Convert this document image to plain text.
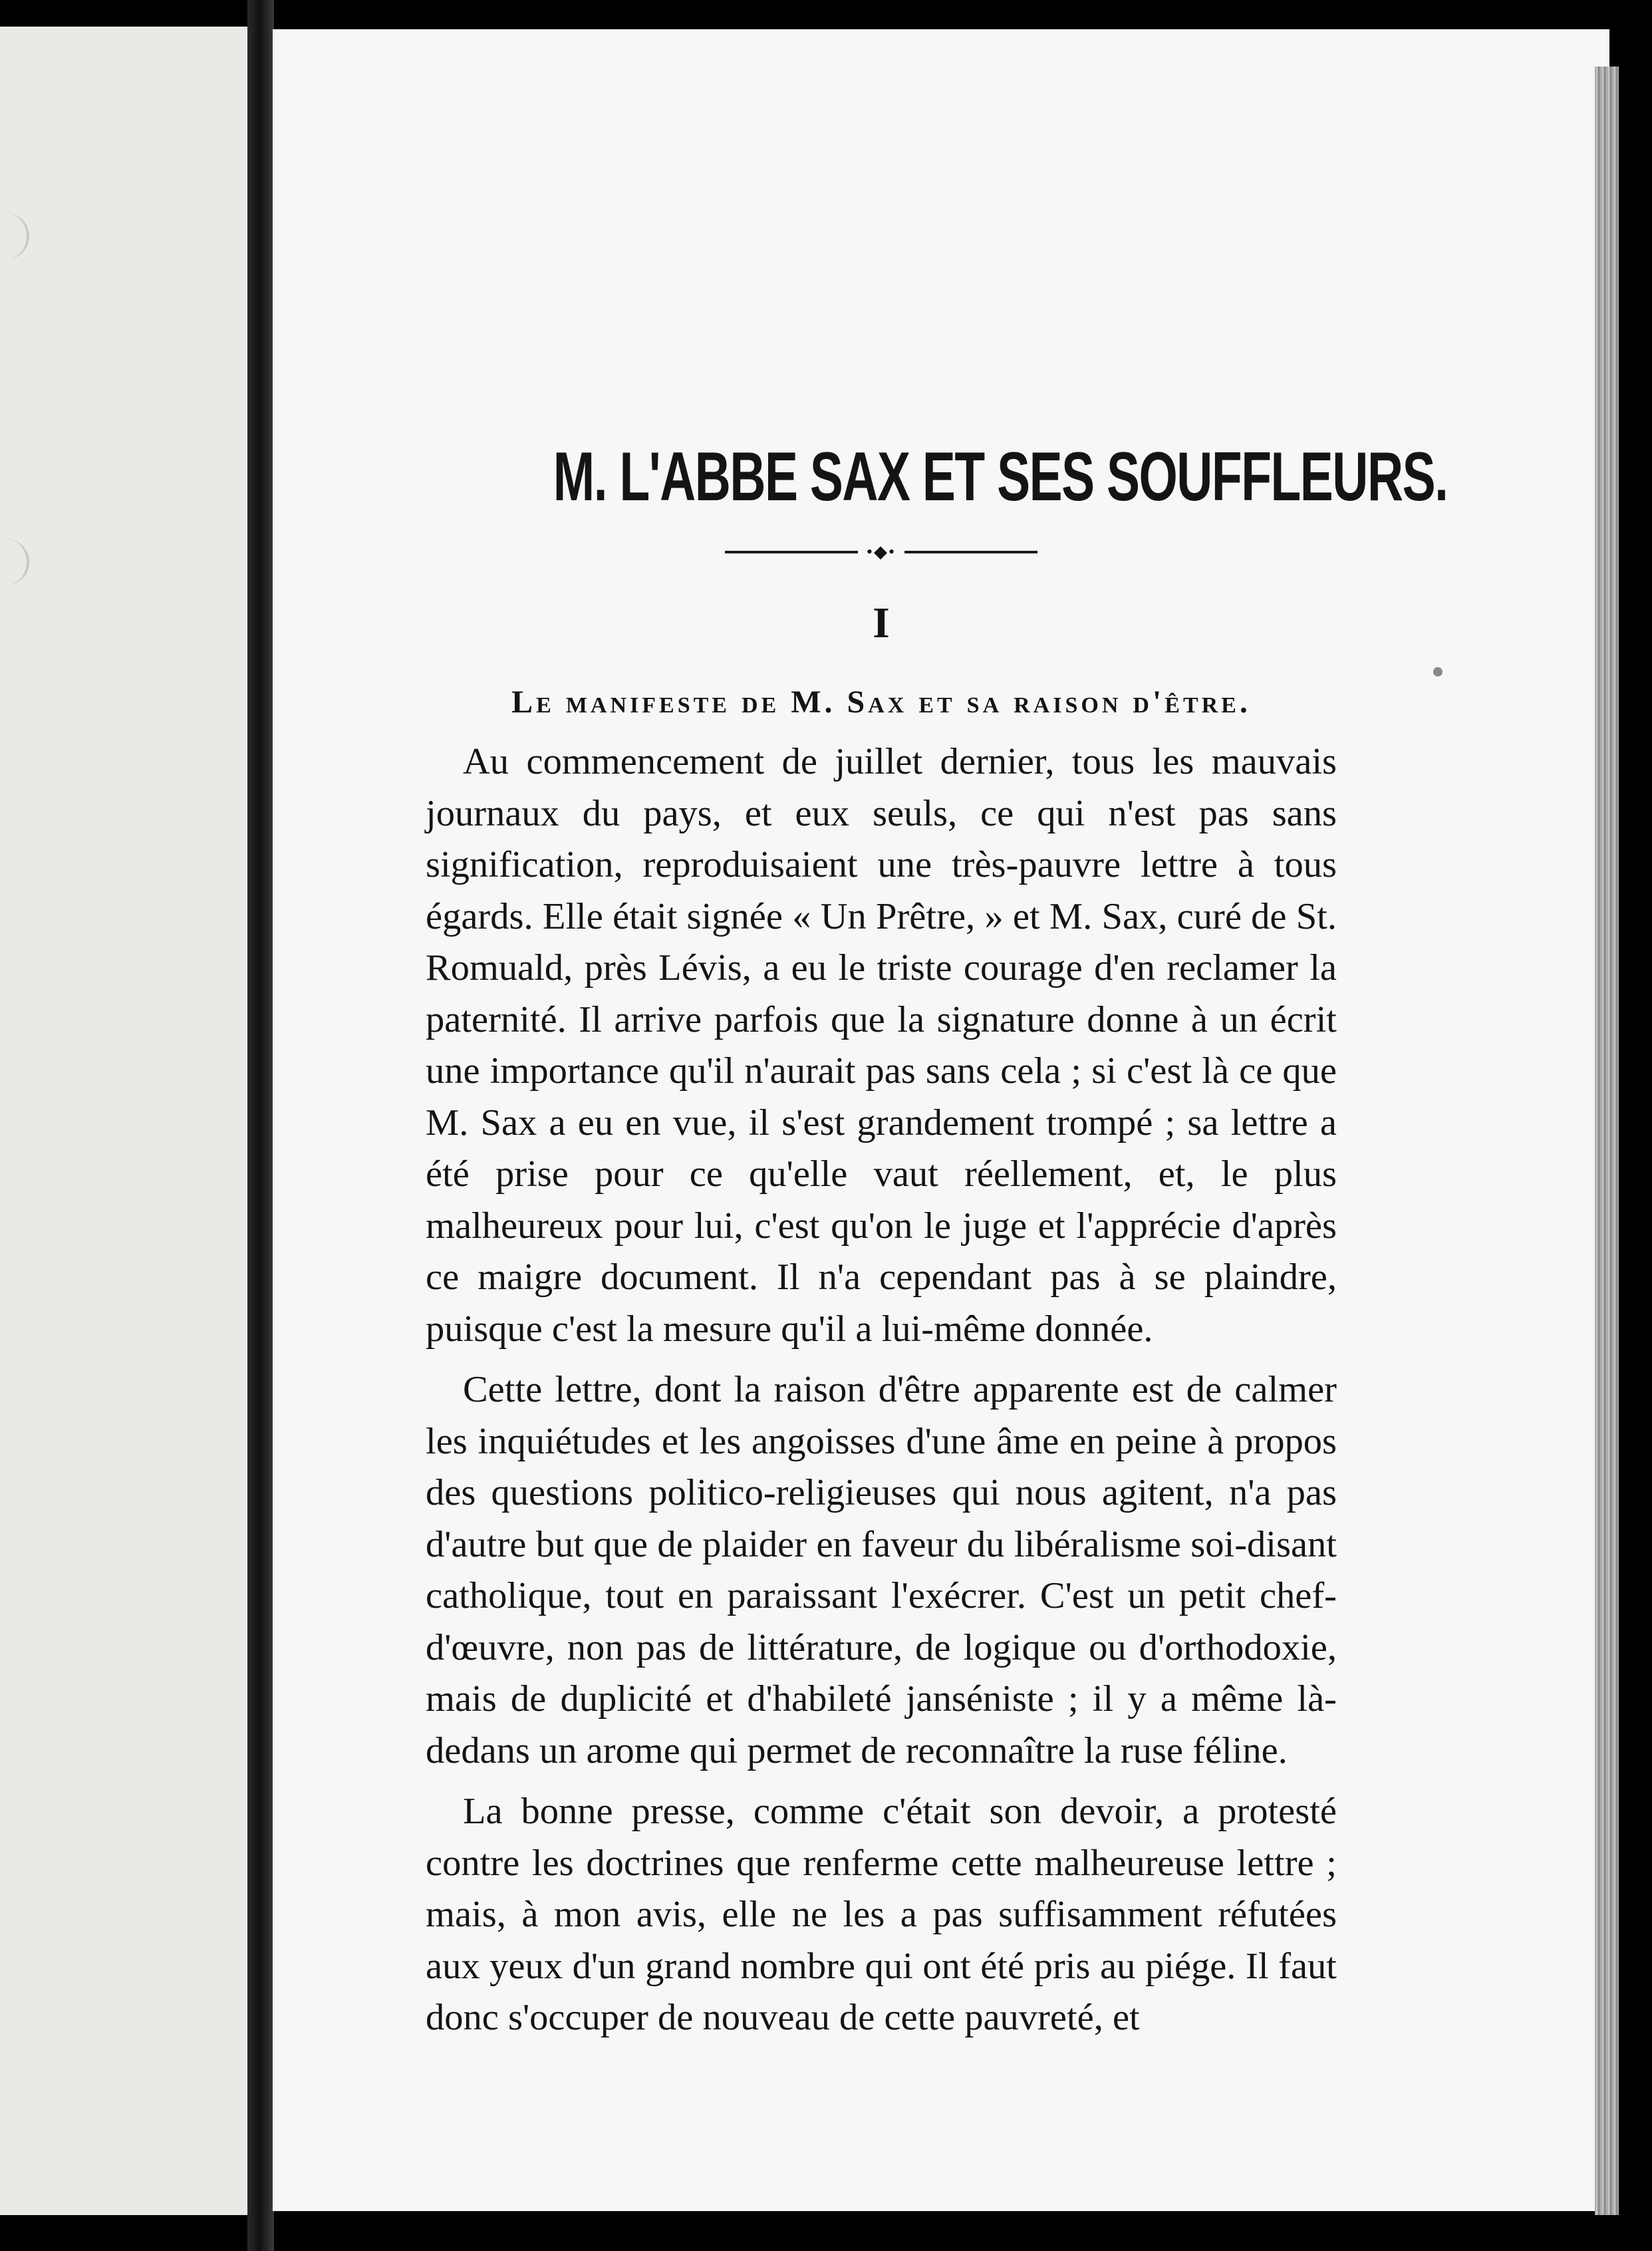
M. L'ABBE SAX ET SES SOUFFLEURS.
•◆•
I
Le manifeste de M. Sax et sa raison d'être.

Au commencement de juillet dernier, tous les mauvais journaux du pays, et eux seuls, ce qui n'est pas sans signification, reproduisaient une très-pauvre lettre à tous égards. Elle était signée « Un Prêtre, » et M. Sax, curé de St. Romuald, près Lévis, a eu le triste courage d'en reclamer la paternité. Il arrive parfois que la signature donne à un écrit une importance qu'il n'aurait pas sans cela ; si c'est là ce que M. Sax a eu en vue, il s'est grandement trompé ; sa lettre a été prise pour ce qu'elle vaut réellement, et, le plus malheureux pour lui, c'est qu'on le juge et l'apprécie d'après ce maigre document. Il n'a cependant pas à se plaindre, puisque c'est la mesure qu'il a lui-même donnée.

Cette lettre, dont la raison d'être apparente est de calmer les inquiétudes et les angoisses d'une âme en peine à propos des questions politico-religieuses qui nous agitent, n'a pas d'autre but que de plaider en faveur du libéralisme soi-disant catholique, tout en paraissant l'exécrer. C'est un petit chef-d'œuvre, non pas de littérature, de logique ou d'orthodoxie, mais de duplicité et d'habileté janséniste ; il y a même là-dedans un arome qui permet de reconnaître la ruse féline.

La bonne presse, comme c'était son devoir, a protesté contre les doctrines que renferme cette malheureuse lettre ; mais, à mon avis, elle ne les a pas suffisamment réfutées aux yeux d'un grand nombre qui ont été pris au piége. Il faut donc s'occuper de nouveau de cette pauvreté, et
